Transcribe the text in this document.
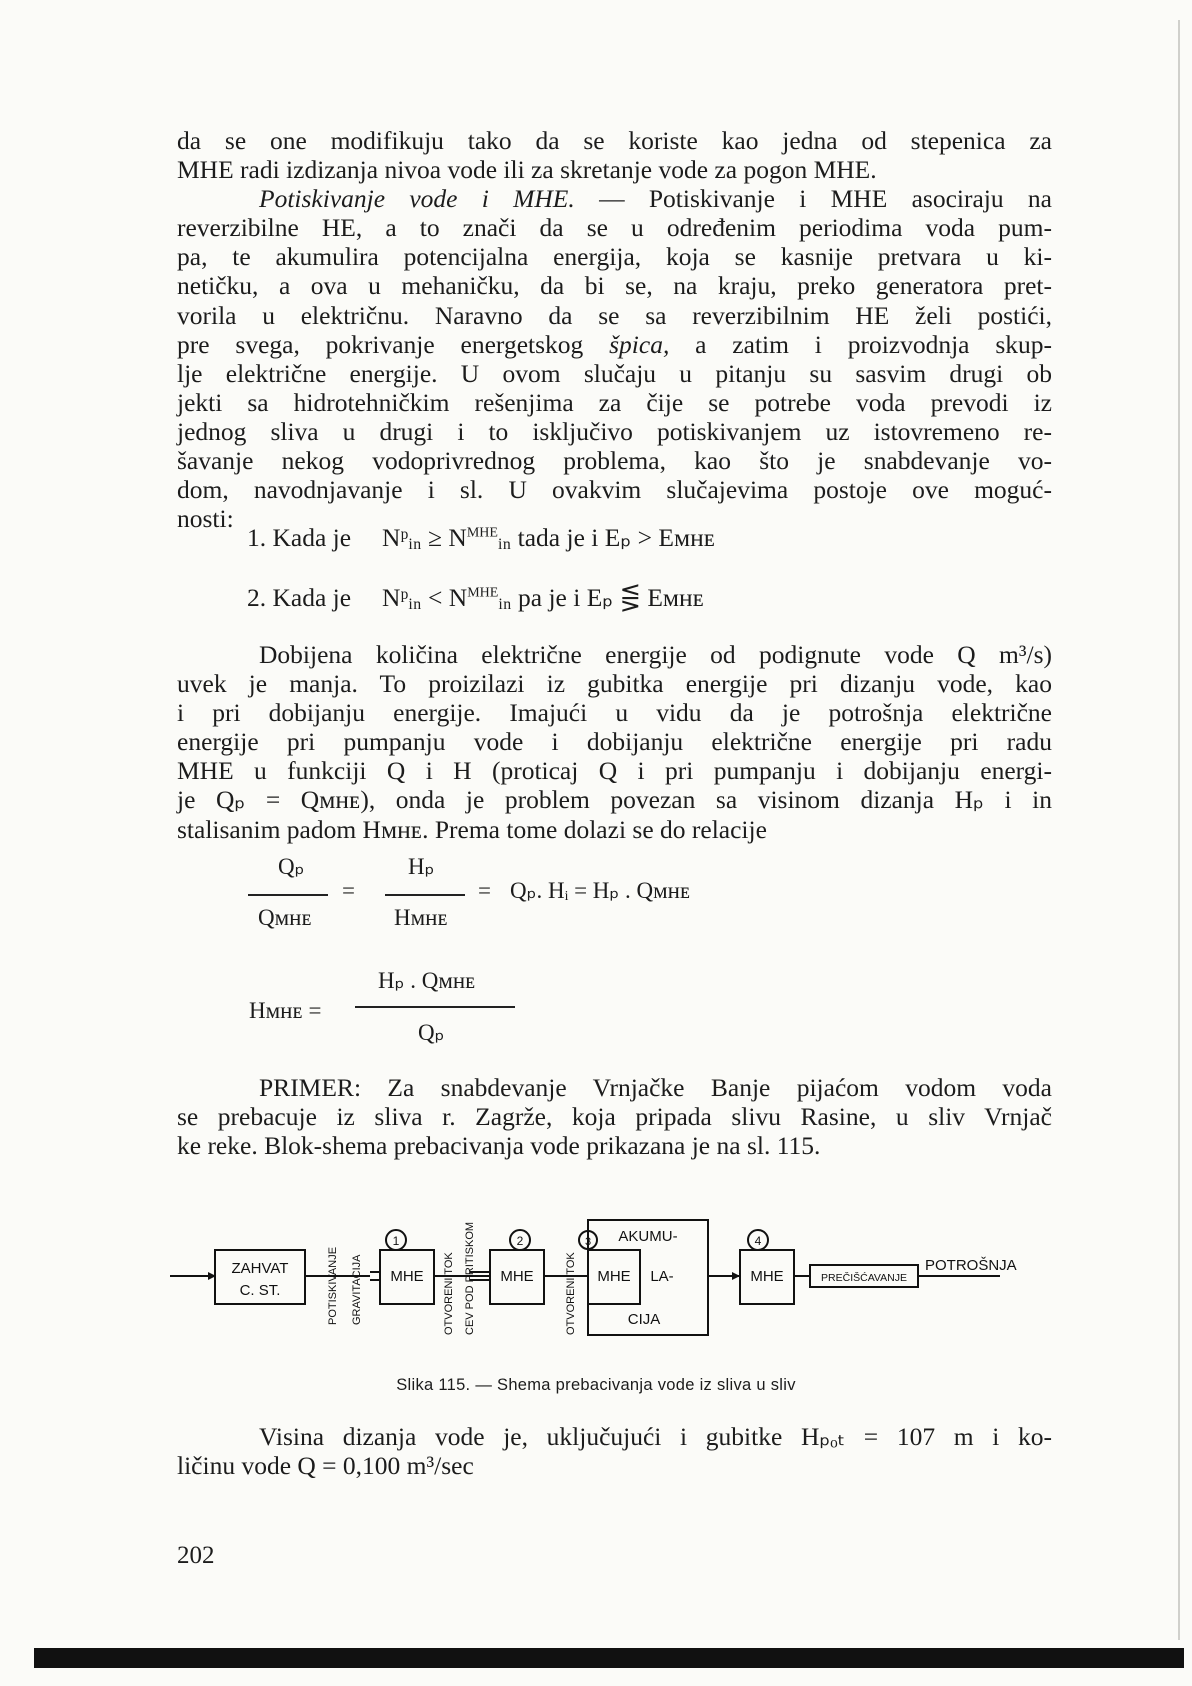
da se one modifikuju tako da se koriste kao jedna od stepenica za
MHE radi izdizanja nivoa vode ili za skretanje vode za pogon MHE.

Potiskivanje vode i MHE. — Potiskivanje i MHE asociraju na
reverzibilne HE, a to znači da se u određenim periodima voda pum-
pa, te akumulira potencijalna energija, koja se kasnije pretvara u ki-
netičku, a ova u mehaničku, da bi se, na kraju, preko generatora pret-
vorila u električnu. Naravno da se sa reverzibilnim HE želi postići,
pre svega, pokrivanje energetskog špica, a zatim i proizvodnja skup-
lje električne energije. U ovom slučaju u pitanju su sasvim drugi ob
jekti sa hidrotehničkim rešenjima za čije se potrebe voda prevodi iz
jednog sliva u drugi i to isključivo potiskivanjem uz istovremeno re-
šavanje nekog vodoprivrednog problema, kao što je snabdevanje vo-
dom, navodnjavanje i sl. U ovakvim slučajevima postoje ove moguć-
nosti:

1. Kada je Nᵖ$_{in}$ ≥ $N^{MHE}_{in}$ tada je i Eₚ > Eᴍʜᴇ
2. Kada je Nᵖ$_{in}$ < $N^{MHE}_{in}$ pa je i Eₚ ⋚ Eᴍʜᴇ

Dobijena količina električne energije od podignute vode Q m³/s)
uvek je manja. To proizilazi iz gubitka energije pri dizanju vode, kao
i pri dobijanju energije. Imajući u vidu da je potrošnja električne
energije pri pumpanju vode i dobijanju električne energije pri radu
MHE u funkciji Q i H (proticaj Q i pri pumpanju i dobijanju energi-
je Qₚ = Qᴍʜᴇ), onda je problem povezan sa visinom dizanja Hₚ i in
stalisanim padom Hᴍʜᴇ. Prema tome dolazi se do relacije

Qₚ
Qᴍʜᴇ
=
Hₚ
Hᴍʜᴇ
= Qₚ. Hᵢ = Hₚ . Qᴍʜᴇ
Hᴍʜᴇ =
Hₚ . Qᴍʜᴇ
Qₚ

PRIMER: Za snabdevanje Vrnjačke Banje pijaćom vodom voda
se prebacuje iz sliva r. Zagrže, koja pripada slivu Rasine, u sliv Vrnjač
ke reke. Blok-shema prebacivanja vode prikazana je na sl. 115.

ZAHVAT
C. ST.
MHE	MHE	MHE	MHE
1	2	3	4
AKUMU-
LA-
CIJA
PREČIŠĆAVANJE
POTROŠNJA
POTISKIVANJE GRAVITACIJA	OTVORENI TOK CEV POD PRITISKOM	OTVORENI TOK
Slika 115. — Shema prebacivanja vode iz sliva u sliv

Visina dizanja vode je, uključujući i gubitke Hₚₒₜ = 107 m i ko-
ličinu vode Q = 0,100 m³/sec

202
